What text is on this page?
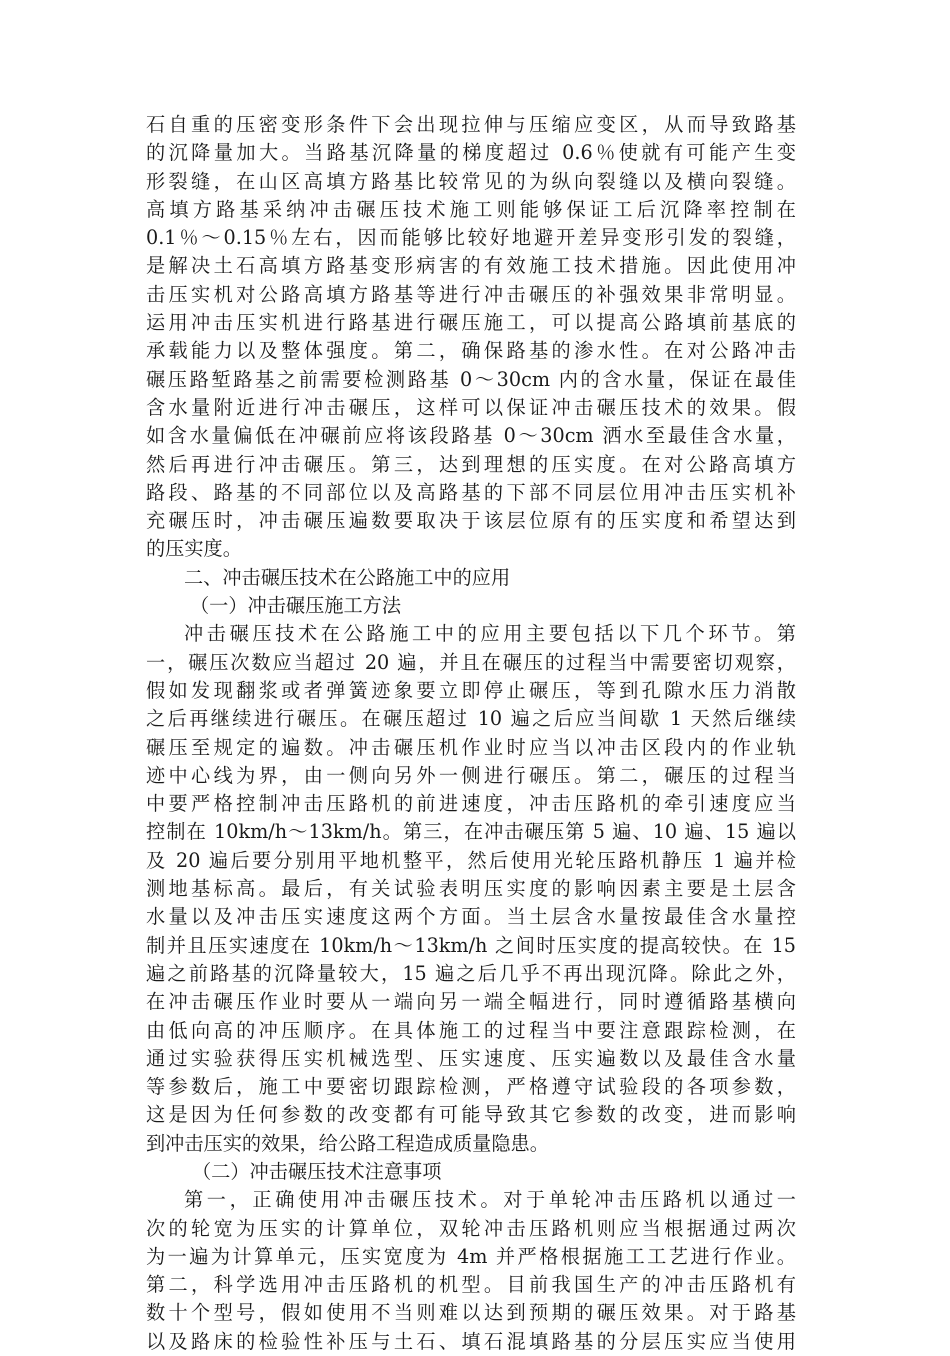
石自重的压密变形条件下会出现拉伸与压缩应变区，从而导致路基
的沉降量加大。当路基沉降量的梯度超过 0.6％使就有可能产生变
形裂缝，在山区高填方路基比较常见的为纵向裂缝以及横向裂缝。
高填方路基采纳冲击碾压技术施工则能够保证工后沉降率控制在
0.1％～0.15％左右，因而能够比较好地避开差异变形引发的裂缝，
是解决土石高填方路基变形病害的有效施工技术措施。因此使用冲
击压实机对公路高填方路基等进行冲击碾压的补强效果非常明显。
运用冲击压实机进行路基进行碾压施工，可以提高公路填前基底的
承载能力以及整体强度。第二，确保路基的渗水性。在对公路冲击
碾压路堑路基之前需要检测路基 0～30cm 内的含水量，保证在最佳
含水量附近进行冲击碾压，这样可以保证冲击碾压技术的效果。假
如含水量偏低在冲碾前应将该段路基 0～30cm 洒水至最佳含水量，
然后再进行冲击碾压。第三，达到理想的压实度。在对公路高填方
路段、路基的不同部位以及高路基的下部不同层位用冲击压实机补
充碾压时，冲击碾压遍数要取决于该层位原有的压实度和希望达到
的压实度。
二、冲击碾压技术在公路施工中的应用
（一）冲击碾压施工方法
冲击碾压技术在公路施工中的应用主要包括以下几个环节。第
一，碾压次数应当超过 20 遍，并且在碾压的过程当中需要密切观察，
假如发现翻浆或者弹簧迹象要立即停止碾压，等到孔隙水压力消散
之后再继续进行碾压。在碾压超过 10 遍之后应当间歇 1 天然后继续
碾压至规定的遍数。冲击碾压机作业时应当以冲击区段内的作业轨
迹中心线为界，由一侧向另外一侧进行碾压。第二，碾压的过程当
中要严格控制冲击压路机的前进速度，冲击压路机的牵引速度应当
控制在 10km/h～13km/h。第三，在冲击碾压第 5 遍、10 遍、15 遍以
及 20 遍后要分别用平地机整平，然后使用光轮压路机静压 1 遍并检
测地基标高。最后，有关试验表明压实度的影响因素主要是土层含
水量以及冲击压实速度这两个方面。当土层含水量按最佳含水量控
制并且压实速度在 10km/h～13km/h 之间时压实度的提高较快。在 15
遍之前路基的沉降量较大，15 遍之后几乎不再出现沉降。除此之外，
在冲击碾压作业时要从一端向另一端全幅进行，同时遵循路基横向
由低向高的冲压顺序。在具体施工的过程当中要注意跟踪检测，在
通过实验获得压实机械选型、压实速度、压实遍数以及最佳含水量
等参数后，施工中要密切跟踪检测，严格遵守试验段的各项参数，
这是因为任何参数的改变都有可能导致其它参数的改变，进而影响
到冲击压实的效果，给公路工程造成质量隐患。
（二）冲击碾压技术注意事项
第一，正确使用冲击碾压技术。对于单轮冲击压路机以通过一
次的轮宽为压实的计算单位，双轮冲击压路机则应当根据通过两次
为一遍为计算单元，压实宽度为 4m 并严格根据施工工艺进行作业。
第二，科学选用冲击压路机的机型。目前我国生产的冲击压路机有
数十个型号，假如使用不当则难以达到预期的碾压效果。对于路基
以及路床的检验性补压与土石、填石混填路基的分层压实应当使用
